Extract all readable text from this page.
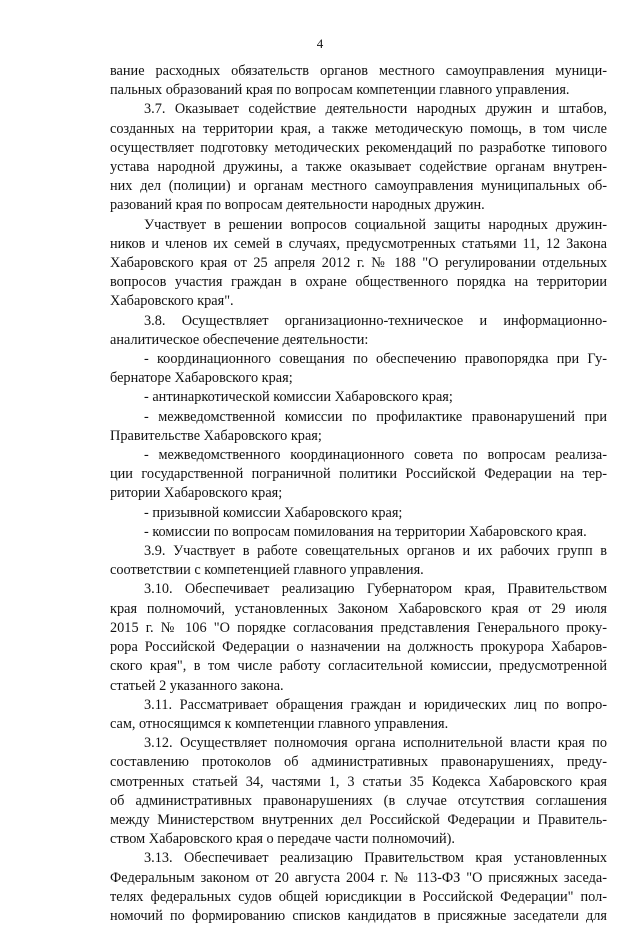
4

вание расходных обязательств органов местного самоуправления муници-

пальных образований края по вопросам компетенции главного управления.

3.7. Оказывает содействие деятельности народных дружин и штабов,

созданных на территории края, а также методическую помощь, в том числе

осуществляет подготовку методических рекомендаций по разработке типового

устава народной дружины, а также оказывает содействие органам внутрен-

них дел (полиции) и органам местного самоуправления муниципальных об-

разований края по вопросам деятельности народных дружин.

Участвует в решении вопросов социальной защиты народных дружин-

ников и членов их семей в случаях, предусмотренных статьями 11, 12 Закона

Хабаровского края от 25 апреля 2012 г. № 188 "О регулировании отдельных

вопросов участия граждан в охране общественного порядка на территории

Хабаровского края".

3.8. Осуществляет организационно-техническое и информационно-

аналитическое обеспечение деятельности:

- координационного совещания по обеспечению правопорядка при Гу-

бернаторе Хабаровского края;

- антинаркотической комиссии Хабаровского края;

- межведомственной комиссии по профилактике правонарушений при

Правительстве Хабаровского края;

- межведомственного координационного совета по вопросам реализа-

ции государственной пограничной политики Российской Федерации на тер-

ритории Хабаровского края;

- призывной комиссии Хабаровского края;

- комиссии по вопросам помилования на территории Хабаровского края.

3.9. Участвует в работе совещательных органов и их рабочих групп в

соответствии с компетенцией главного управления.

3.10. Обеспечивает реализацию Губернатором края, Правительством

края полномочий, установленных Законом Хабаровского края от 29 июля

2015 г. № 106 "О порядке согласования представления Генерального проку-

рора Российской Федерации о назначении на должность прокурора Хабаров-

ского края", в том числе работу согласительной комиссии, предусмотренной

статьей 2 указанного закона.

3.11. Рассматривает обращения граждан и юридических лиц по вопро-

сам, относящимся к компетенции главного управления.

3.12. Осуществляет полномочия органа исполнительной власти края по

составлению протоколов об административных правонарушениях, преду-

смотренных статьей 34, частями 1, 3 статьи 35 Кодекса Хабаровского края

об административных правонарушениях (в случае отсутствия соглашения

между Министерством внутренних дел Российской Федерации и Правитель-

ством Хабаровского края о передаче части полномочий).

3.13. Обеспечивает реализацию Правительством края установленных

Федеральным законом от 20 августа 2004 г. № 113-ФЗ "О присяжных заседа-

телях федеральных судов общей юрисдикции в Российской Федерации" пол-

номочий по формированию списков кандидатов в присяжные заседатели для
